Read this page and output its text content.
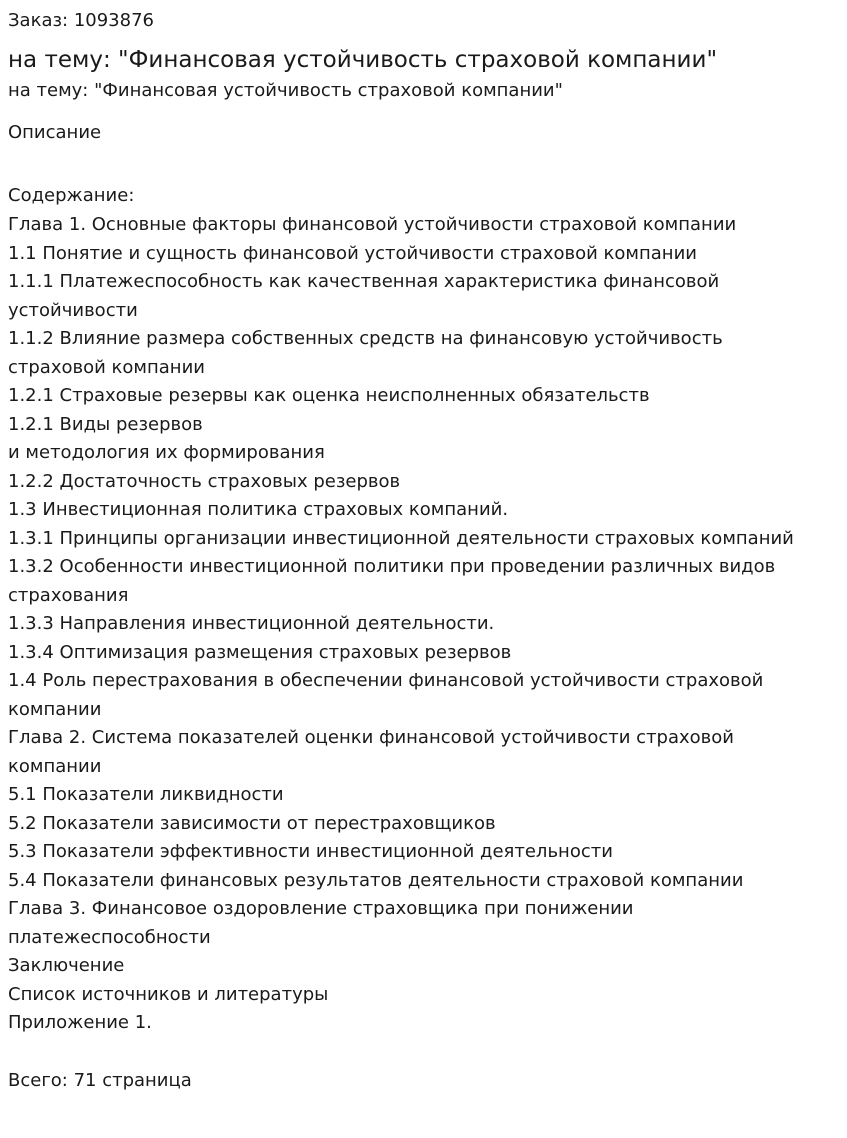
Заказ: 1093876

на тему: "Финансовая устойчивость страховой компании"

на тему: "Финансовая устойчивость страховой компании"

Описание

Содержание:

Глава 1. Основные факторы финансовой устойчивости страховой компании
1.1 Понятие и сущность финансовой устойчивости страховой компании
1.1.1 Платежеспособность как качественная характеристика финансовой
устойчивости
1.1.2 Влияние размера собственных средств на финансовую устойчивость
страховой компании
1.2.1 Страховые резервы как оценка неисполненных обязательств
1.2.1 Виды резервов
и методология их формирования
1.2.2 Достаточность страховых резервов
1.3 Инвестиционная политика страховых компаний.
1.3.1 Принципы организации инвестиционной деятельности страховых компаний
1.3.2 Особенности инвестиционной политики при проведении различных видов
страхования
1.3.3 Направления инвестиционной деятельности.
1.3.4 Оптимизация размещения страховых резервов
1.4 Роль перестрахования в обеспечении финансовой устойчивости страховой
компании
Глава 2. Система показателей оценки финансовой устойчивости страховой
компании
5.1 Показатели ликвидности
5.2 Показатели зависимости от перестраховщиков
5.3 Показатели эффективности инвестиционной деятельности
5.4 Показатели финансовых результатов деятельности страховой компании
Глава 3. Финансовое оздоровление страховщика при понижении
платежеспособности
Заключение
Список источников и литературы
Приложение 1.

Всего: 71 страница
